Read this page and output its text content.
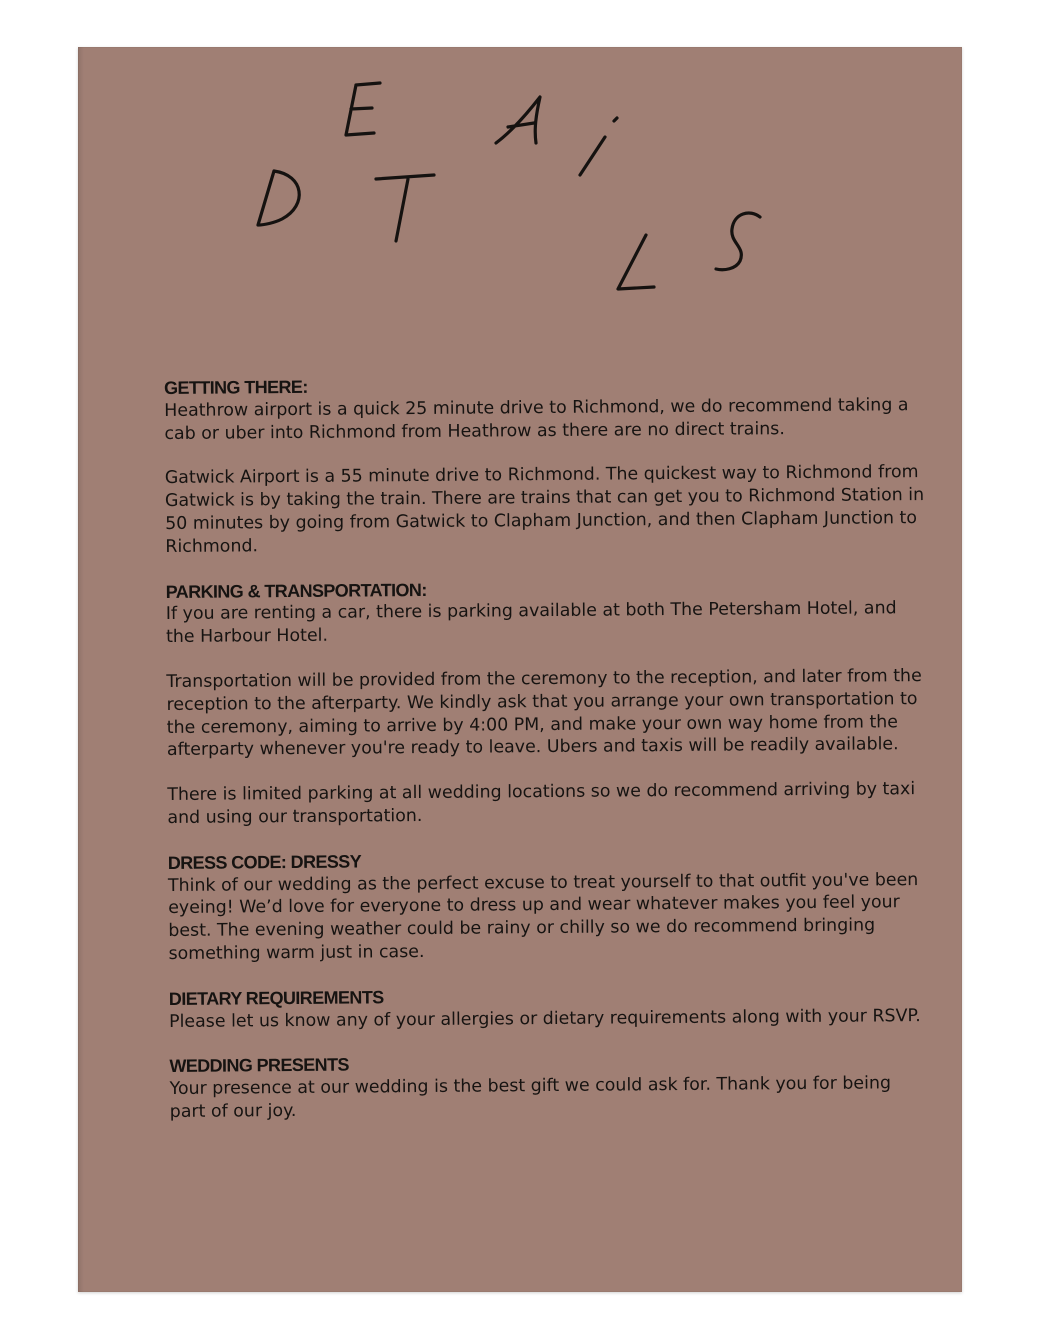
GETTING THERE:
Heathrow airport is a quick 25 minute drive to Richmond, we do recommend taking a cab or uber into Richmond from Heathrow as there are no direct trains.
Gatwick Airport is a 55 minute drive to Richmond. The quickest way to Richmond from Gatwick is by taking the train. There are trains that can get you to Richmond Station in 50 minutes by going from Gatwick to Clapham Junction, and then Clapham Junction to Richmond.
PARKING & TRANSPORTATION:
If you are renting a car, there is parking available at both The Petersham Hotel, and the Harbour Hotel.
Transportation will be provided from the ceremony to the reception, and later from the reception to the afterparty. We kindly ask that you arrange your own transportation to the ceremony, aiming to arrive by 4:00 PM, and make your own way home from the afterparty whenever you're ready to leave. Ubers and taxis will be readily available.
There is limited parking at all wedding locations so we do recommend arriving by taxi and using our transportation.
DRESS CODE: DRESSY
Think of our wedding as the perfect excuse to treat yourself to that outfit you've been eyeing! We’d love for everyone to dress up and wear whatever makes you feel your best. The evening weather could be rainy or chilly so we do recommend bringing something warm just in case.
DIETARY REQUIREMENTS
Please let us know any of your allergies or dietary requirements along with your RSVP.
WEDDING PRESENTS
Your presence at our wedding is the best gift we could ask for. Thank you for being part of our joy.
